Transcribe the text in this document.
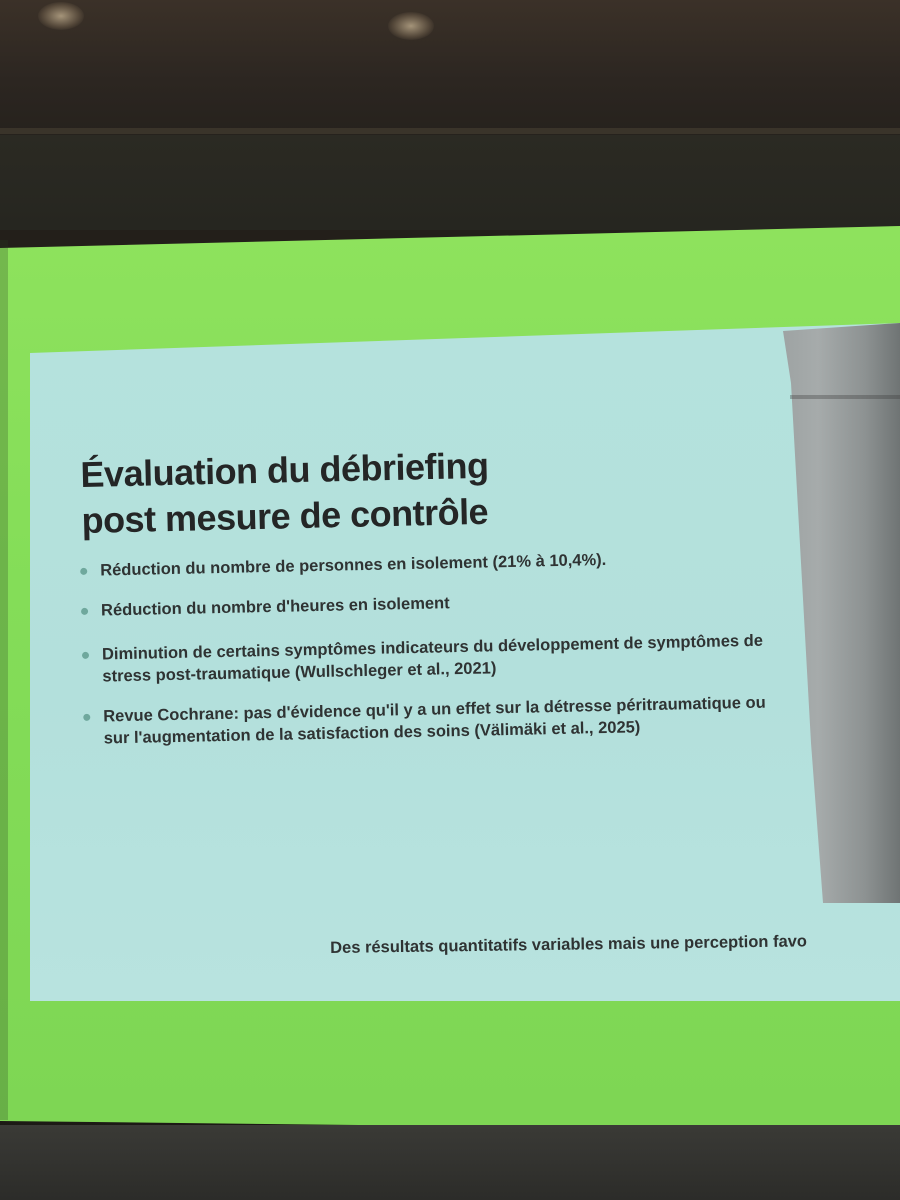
Évaluation du débriefing
post mesure de contrôle
Réduction du nombre de personnes en isolement (21% à 10,4%).
Réduction du nombre d'heures en isolement
Diminution de certains symptômes indicateurs du développement de symptômes de stress post-traumatique (Wullschleger et al., 2021)
Revue Cochrane: pas d'évidence qu'il y a un effet sur la détresse péritraumatique ou sur l'augmentation de la satisfaction des soins (Välimäki et al., 2025)
Des résultats quantitatifs variables mais une perception favo
